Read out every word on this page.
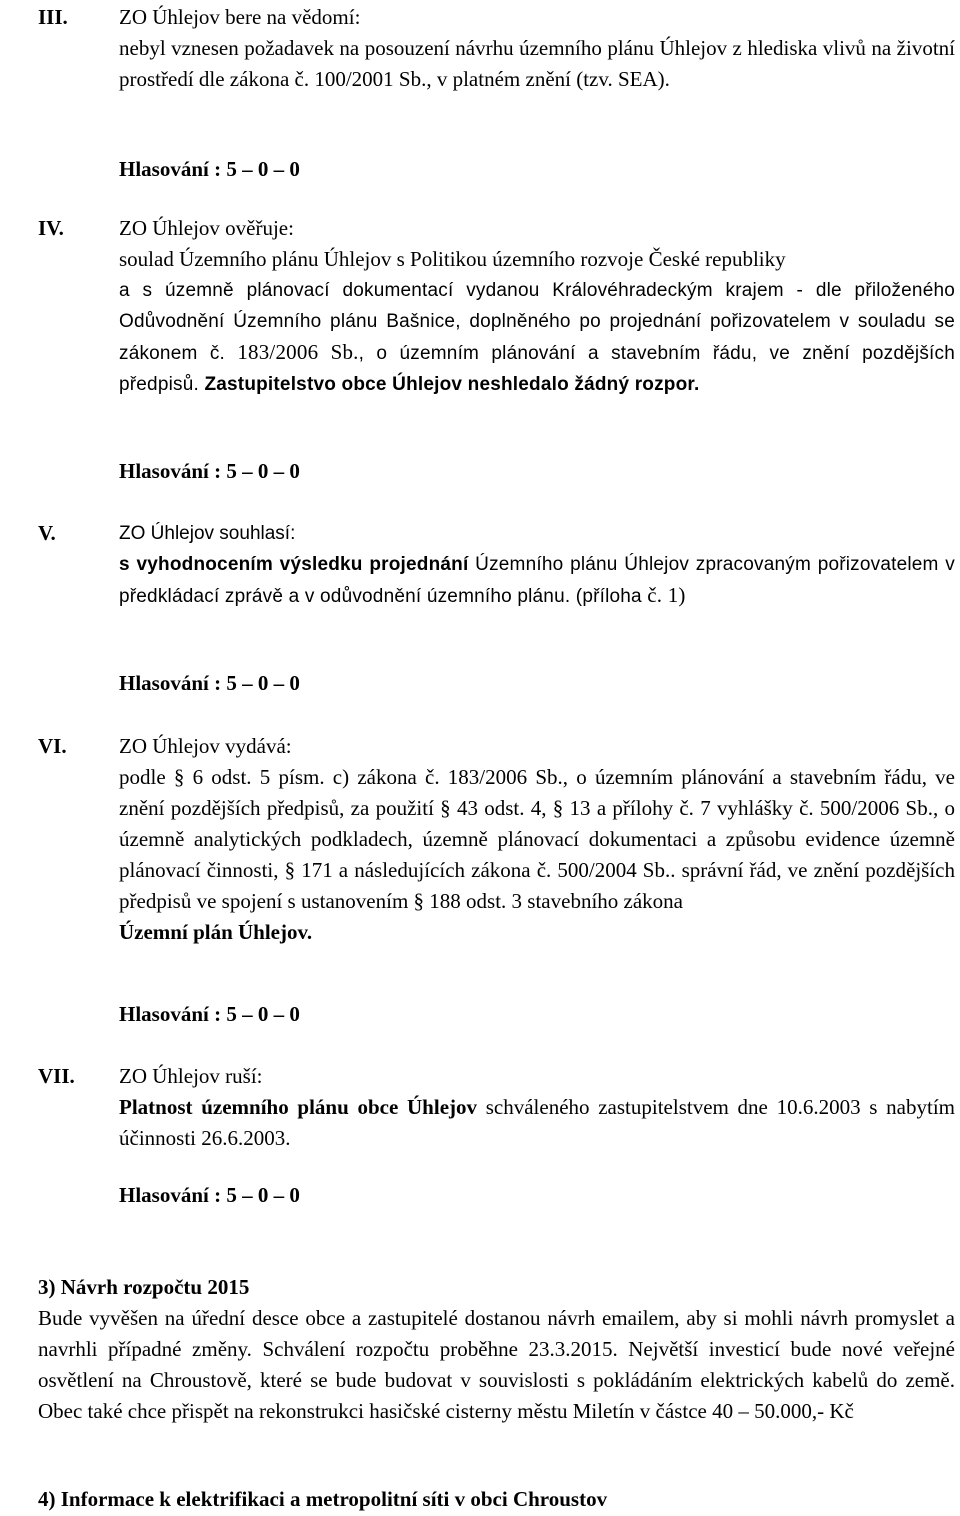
III. ZO Úhlejov bere na vědomí:
nebyl vznesen požadavek na posouzení návrhu územního plánu Úhlejov z hlediska vlivů na životní prostředí dle zákona č. 100/2001 Sb., v platném znění (tzv. SEA).
Hlasování : 5 – 0 – 0
IV.	ZO Úhlejov ověřuje:
soulad Územního plánu Úhlejov s Politikou územního rozvoje České republiky
a s územně plánovací dokumentací vydanou Královéhradeckým krajem - dle přiloženého Odůvodnění Územního plánu Bašnice, doplněného po projednání pořizovatelem v souladu se zákonem č. 183/2006 Sb., o územním plánování a stavebním řádu, ve znění pozdějších předpisů. Zastupitelstvo obce Úhlejov neshledalo žádný rozpor.
Hlasování : 5 – 0 – 0
V.	ZO Úhlejov souhlasí:
s vyhodnocením výsledku projednání Územního plánu Úhlejov zpracovaným pořizovatelem v předkládací zprávě a v odůvodnění územního plánu. (příloha č. 1)
Hlasování : 5 – 0 – 0
VI. ZO Úhlejov vydává:
podle § 6 odst. 5 písm. c) zákona č. 183/2006 Sb., o územním plánování a stavebním řádu, ve znění pozdějších předpisů, za použití § 43 odst. 4, § 13 a přílohy č. 7 vyhlášky č. 500/2006 Sb., o územně analytických podkladech, územně plánovací dokumentaci a způsobu evidence územně plánovací činnosti, § 171 a následujících zákona č. 500/2004 Sb.. správní řád, ve znění pozdějších předpisů ve spojení s ustanovením § 188 odst. 3 stavebního zákona
Územní plán Úhlejov.
Hlasování : 5 – 0 – 0
VII. ZO Úhlejov ruší:
Platnost územního plánu obce Úhlejov schváleného zastupitelstvem dne 10.6.2003 s nabytím účinnosti 26.6.2003.
Hlasování : 5 – 0 – 0
3) Návrh rozpočtu 2015
Bude vyvěšen na úřední desce obce a zastupitelé dostanou návrh emailem, aby si mohli návrh promyslet a navrhli případné změny. Schválení rozpočtu proběhne 23.3.2015. Největší investicí bude nové veřejné osvětlení na Chroustově, které se bude budovat v souvislosti s pokládáním elektrických kabelů do země. Obec také chce přispět na rekonstrukci hasičské cisterny městu Miletín v částce 40 – 50.000,- Kč
4) Informace k elektrifikaci a metropolitní síti v obci Chroustov
